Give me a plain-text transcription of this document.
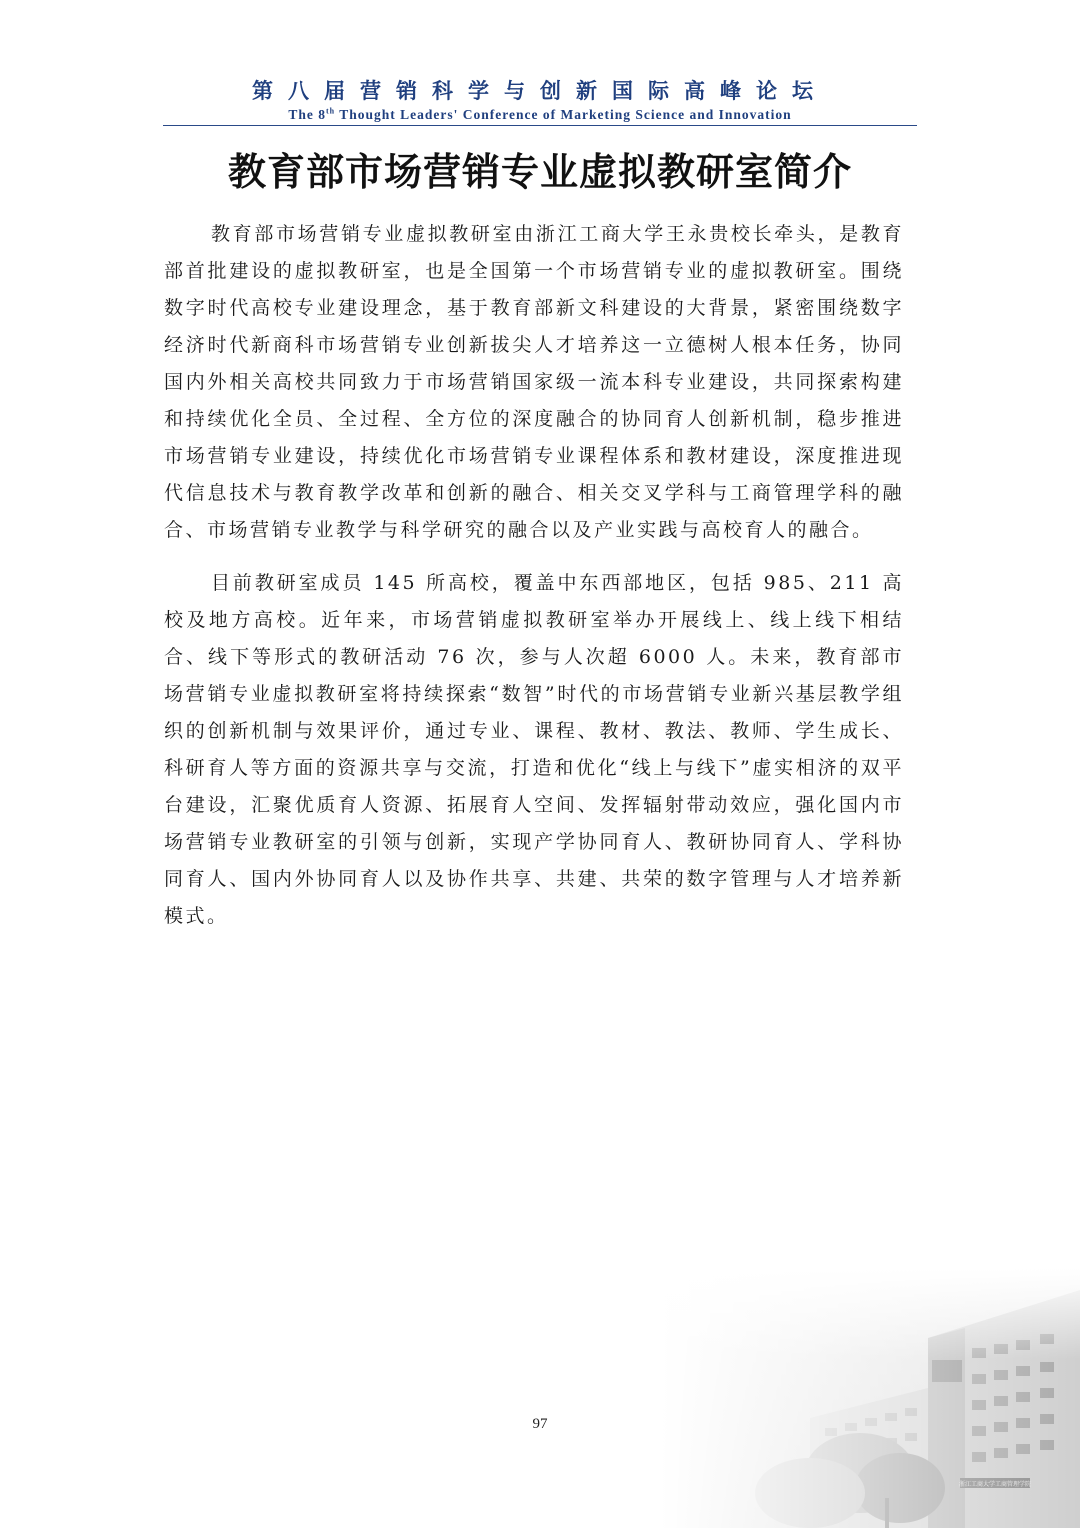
第八届营销科学与创新国际高峰论坛
The 8th Thought Leaders' Conference of Marketing Science and Innovation
教育部市场营销专业虚拟教研室简介

教育部市场营销专业虚拟教研室由浙江工商大学王永贵校长牵头，是教育部首批建设的虚拟教研室，也是全国第一个市场营销专业的虚拟教研室。围绕数字时代高校专业建设理念，基于教育部新文科建设的大背景，紧密围绕数字经济时代新商科市场营销专业创新拔尖人才培养这一立德树人根本任务，协同国内外相关高校共同致力于市场营销国家级一流本科专业建设，共同探索构建和持续优化全员、全过程、全方位的深度融合的协同育人创新机制，稳步推进市场营销专业建设，持续优化市场营销专业课程体系和教材建设，深度推进现代信息技术与教育教学改革和创新的融合、相关交叉学科与工商管理学科的融合、市场营销专业教学与科学研究的融合以及产业实践与高校育人的融合。

目前教研室成员 145 所高校，覆盖中东西部地区，包括 985、211 高校及地方高校。近年来，市场营销虚拟教研室举办开展线上、线上线下相结合、线下等形式的教研活动 76 次，参与人次超 6000 人。未来，教育部市场营销专业虚拟教研室将持续探索“数智”时代的市场营销专业新兴基层教学组织的创新机制与效果评价，通过专业、课程、教材、教法、教师、学生成长、科研育人等方面的资源共享与交流，打造和优化“线上与线下”虚实相济的双平台建设，汇聚优质育人资源、拓展育人空间、发挥辐射带动效应，强化国内市场营销专业教研室的引领与创新，实现产学协同育人、教研协同育人、学科协同育人、国内外协同育人以及协作共享、共建、共荣的数字管理与人才培养新模式。

97
